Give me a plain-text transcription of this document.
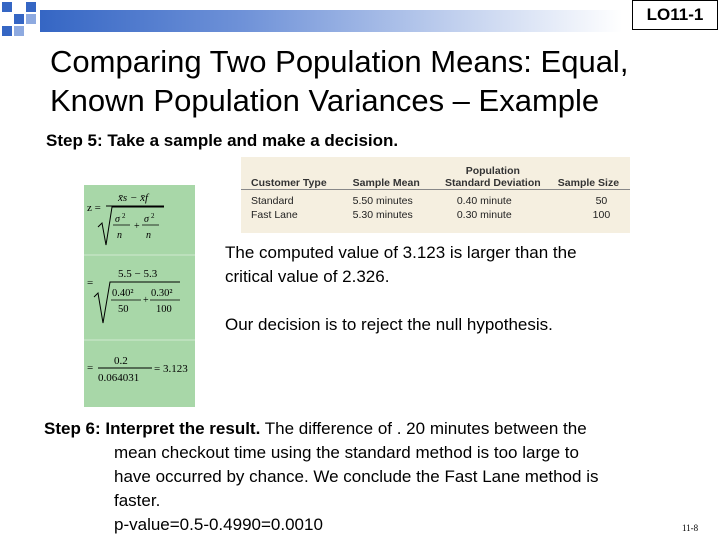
LO11-1
Comparing Two Population Means: Equal,
Known Population Variances – Example
Step 5: Take a sample and make a decision.
z =
x̄s − x̄f
σ 2 σ 2
+
n n
=
5.5 − 5.3
0.40²
50
+
0.30²
100
=
0.2
0.064031
= 3.123
Customer Type	Sample Mean	Population Standard Deviation	Sample Size
Standard	5.50 minutes	0.40 minute	50
Fast Lane	5.30 minutes	0.30 minute	100
The computed value of 3.123 is larger than the
critical value of 2.326.
Our decision is to reject the null hypothesis.
Step 6: Interpret the result. The difference of . 20 minutes between the
mean checkout time using the standard method is too large to
have occurred by chance. We conclude the Fast Lane method is
faster.
p-value=0.5-0.4990=0.0010	11-8
